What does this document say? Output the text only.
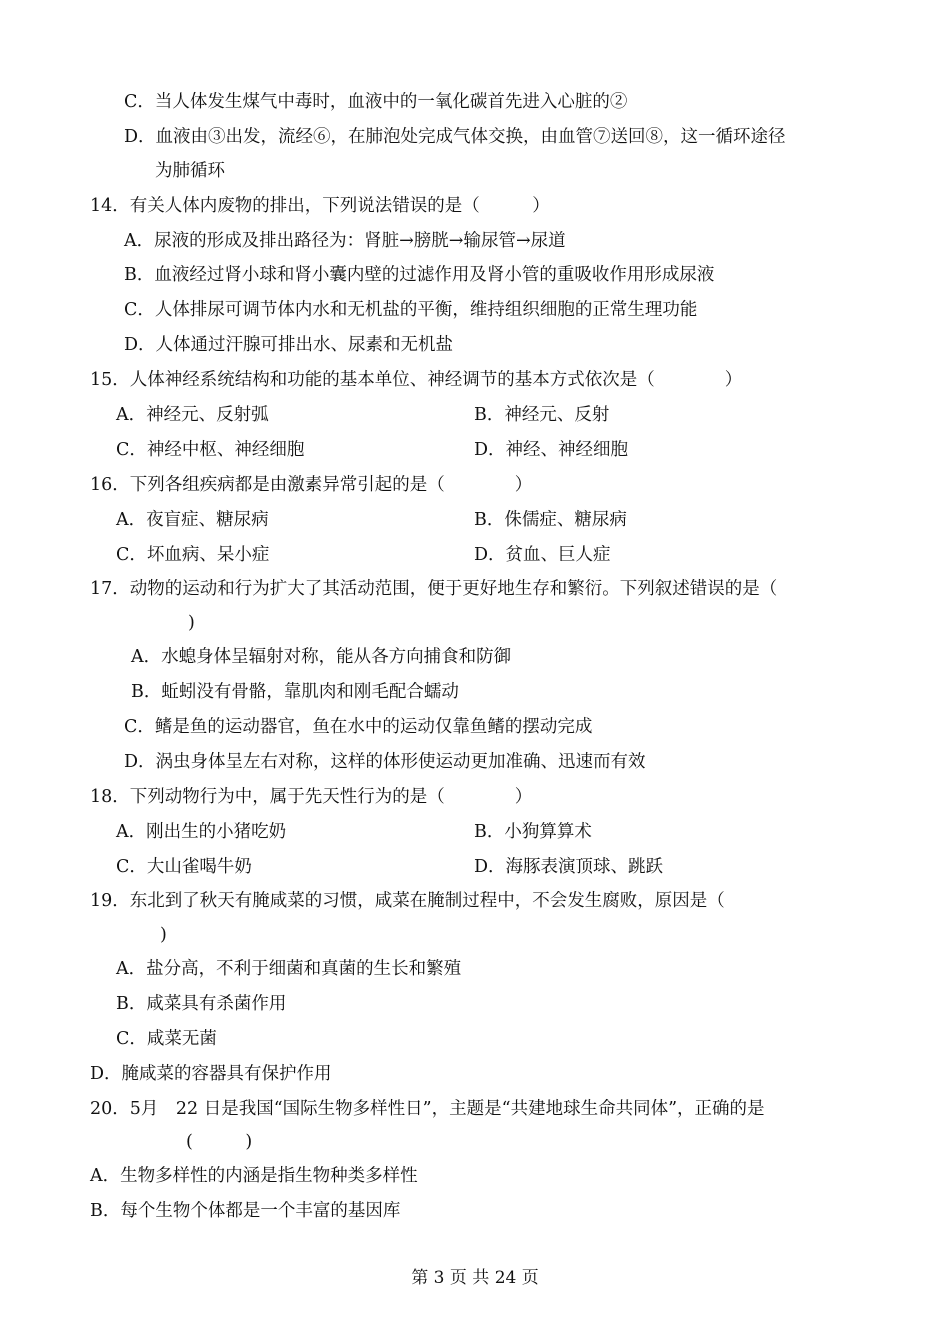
C．当人体发生煤气中毒时，血液中的一氧化碳首先进入心脏的②
D．血液由③出发，流经⑥，在肺泡处完成气体交换，由血管⑦送回⑧，这一循环途径
为肺循环
14．有关人体内废物的排出，下列说法错误的是（　　　）
A．尿液的形成及排出路径为：肾脏→膀胱→输尿管→尿道
B．血液经过肾小球和肾小囊内壁的过滤作用及肾小管的重吸收作用形成尿液
C．人体排尿可调节体内水和无机盐的平衡，维持组织细胞的正常生理功能
D．人体通过汗腺可排出水、尿素和无机盐
15．人体神经系统结构和功能的基本单位、神经调节的基本方式依次是（　　　　）
A．神经元、反射弧	B．神经元、反射
C．神经中枢、神经细胞	D．神经、神经细胞
16．下列各组疾病都是由激素异常引起的是（　　　　）
A．夜盲症、糖尿病	B．侏儒症、糖尿病
C．坏血病、呆小症	D．贫血、巨人症
17．动物的运动和行为扩大了其活动范围，便于更好地生存和繁衍。下列叙述错误的是（
)
A．水螅身体呈辐射对称，能从各方向捕食和防御
B．蚯蚓没有骨骼，靠肌肉和刚毛配合蠕动
C．鳍是鱼的运动器官，鱼在水中的运动仅靠鱼鳍的摆动完成
D．涡虫身体呈左右对称，这样的体形使运动更加准确、迅速而有效
18．下列动物行为中，属于先天性行为的是（　　　　）
A．刚出生的小猪吃奶	B．小狗算算术
C．大山雀喝牛奶	D．海豚表演顶球、跳跃
19．东北到了秋天有腌咸菜的习惯，咸菜在腌制过程中，不会发生腐败，原因是（
)
A．盐分高，不利于细菌和真菌的生长和繁殖
B．咸菜具有杀菌作用
C．咸菜无菌
D．腌咸菜的容器具有保护作用
20．5月　22 日是我国“国际生物多样性日”，主题是“共建地球生命共同体”，正确的是
(　　　)
A．生物多样性的内涵是指生物种类多样性
B．每个生物个体都是一个丰富的基因库
第 3 页 共 24 页
